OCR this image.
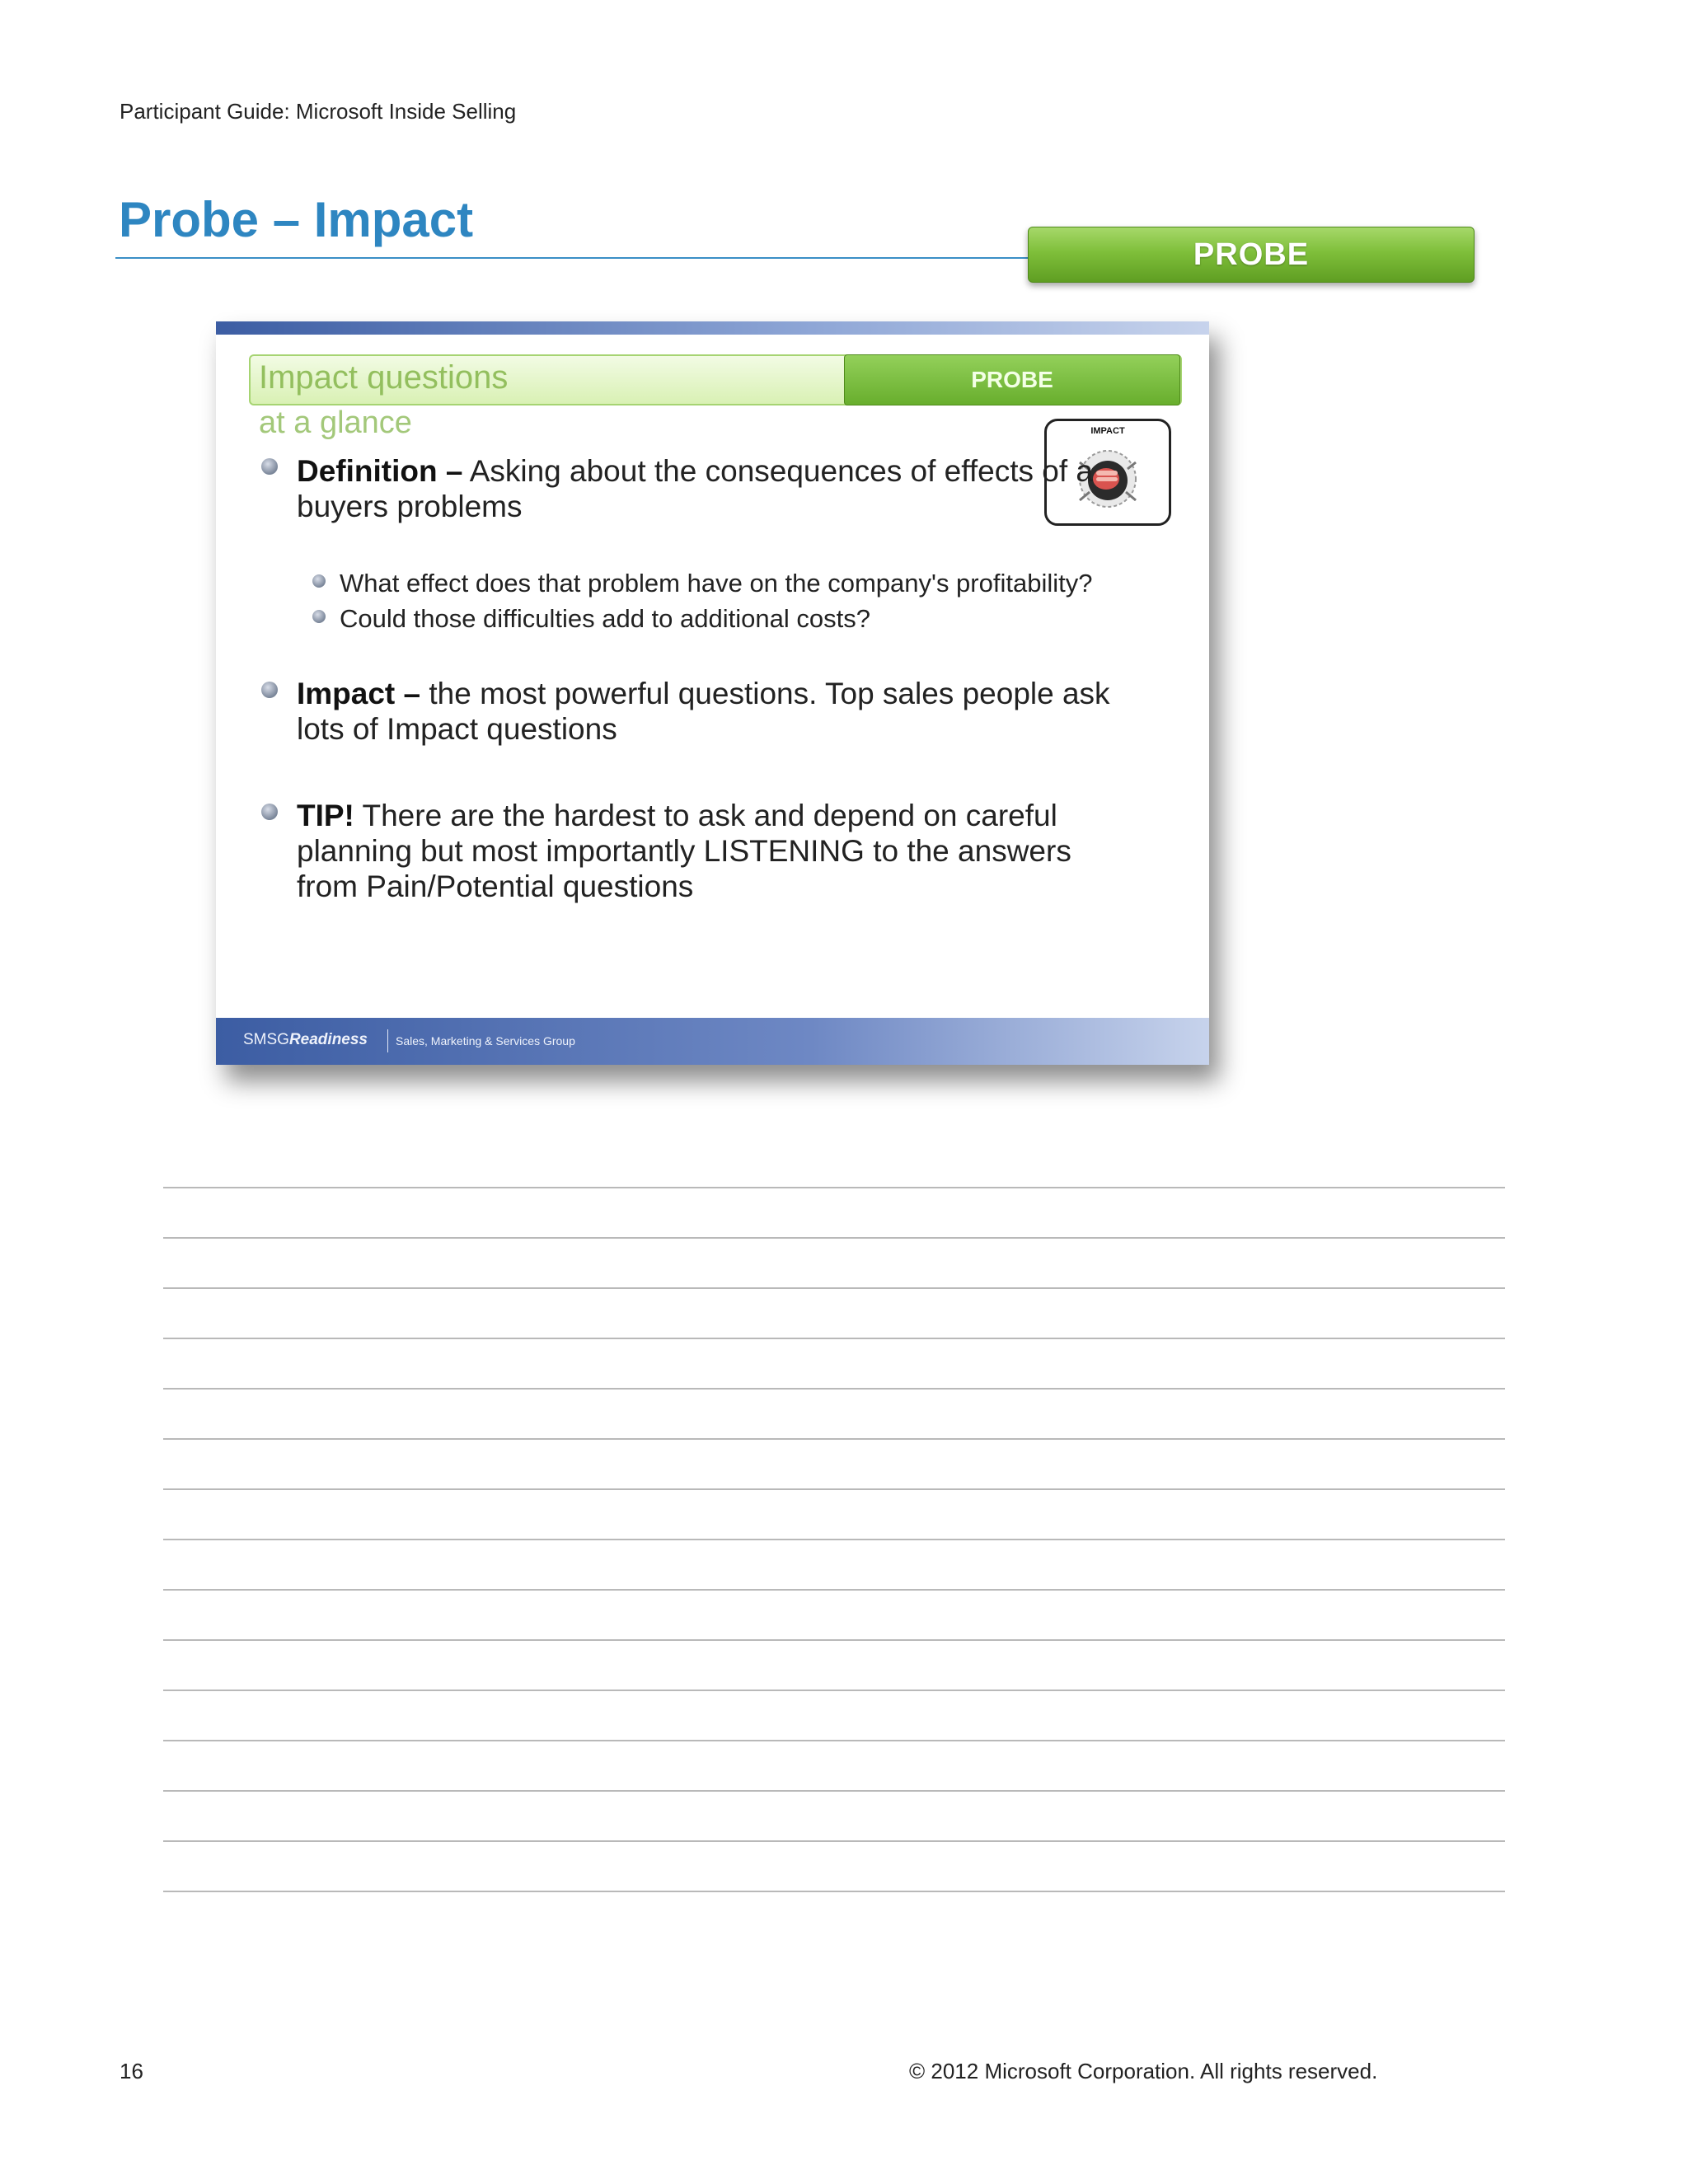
Participant Guide: Microsoft Inside Selling
Probe – Impact
PROBE
Impact questions	PROBE
at a glance	IMPACT
Definition – Asking about the consequences of effects of a buyers problems
What effect does that problem have on the company's profitability?
Could those difficulties add to additional costs?
Impact – the most powerful questions. Top sales people ask lots of Impact questions
TIP! There are the hardest to ask and depend on careful planning but most importantly LISTENING to the answers from Pain/Potential questions
SMSGReadiness Sales, Marketing & Services Group
16	© 2012 Microsoft Corporation. All rights reserved.
